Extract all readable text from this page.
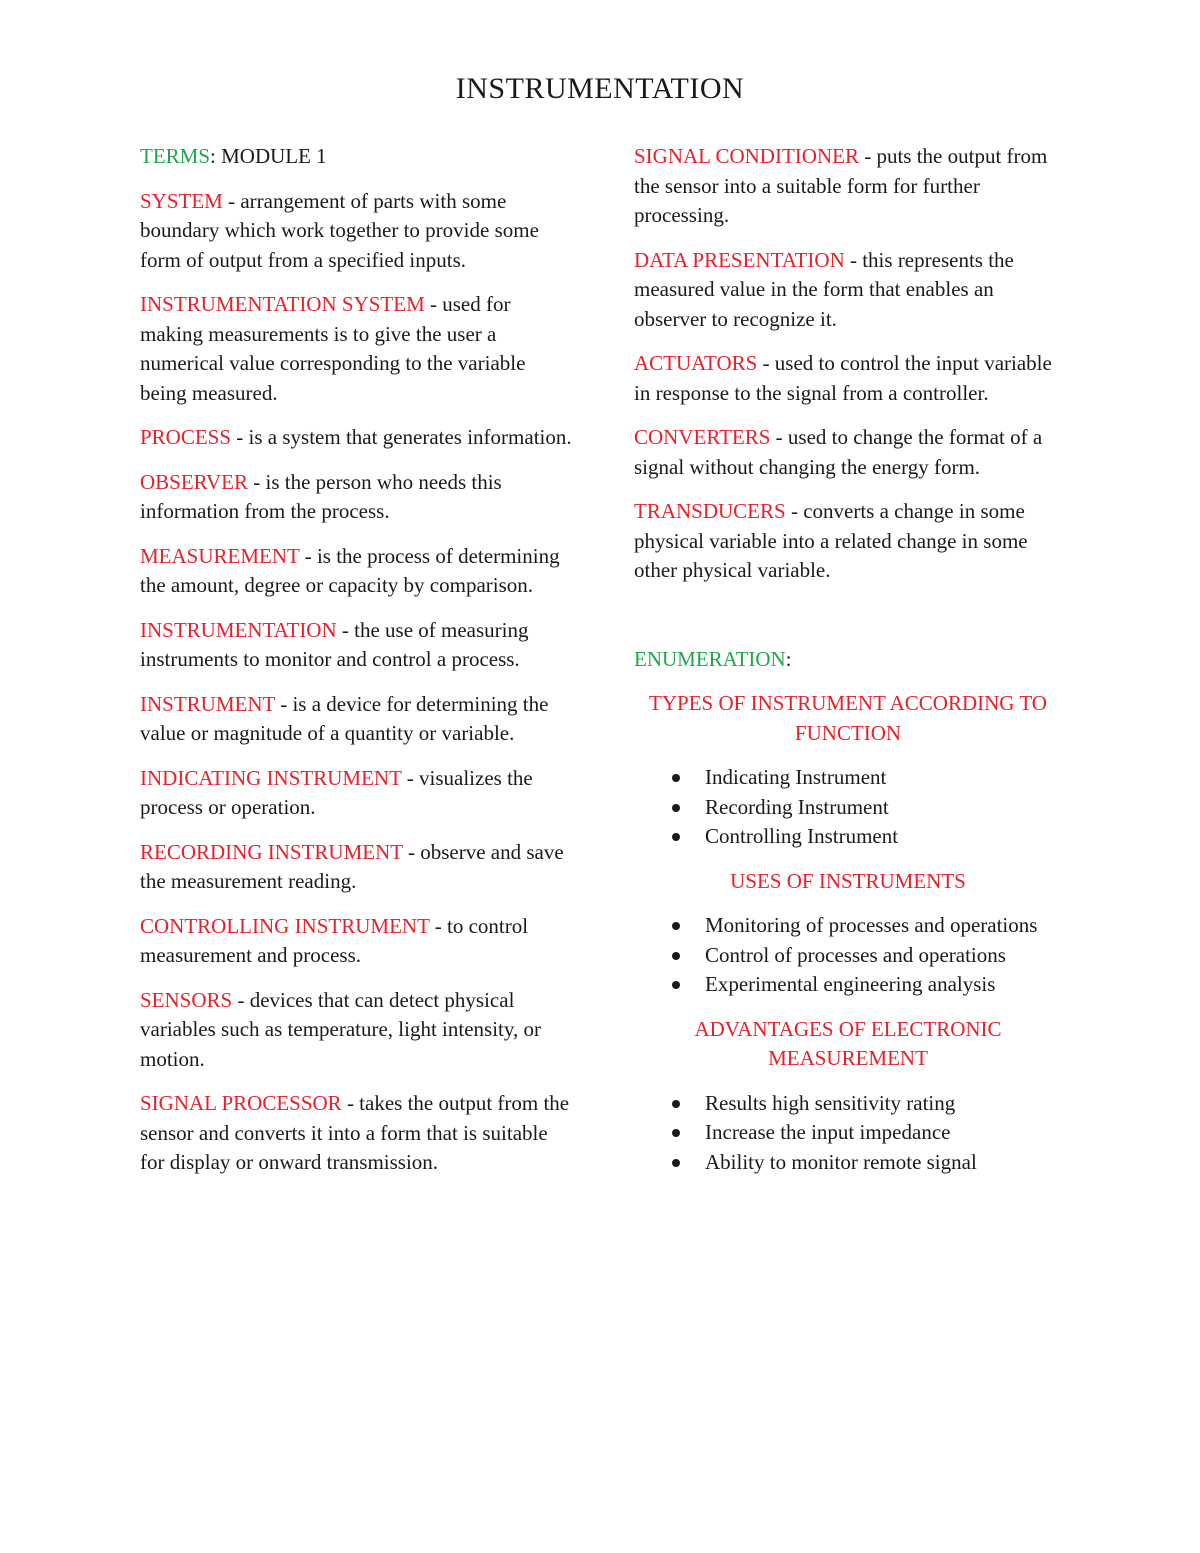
INSTRUMENTATION

TERMS: MODULE 1

SYSTEM - arrangement of parts with some boundary which work together to provide some form of output from a specified inputs.

INSTRUMENTATION SYSTEM - used for making measurements is to give the user a numerical value corresponding to the variable being measured.

PROCESS - is a system that generates information.

OBSERVER - is the person who needs this information from the process.

MEASUREMENT - is the process of determining the amount, degree or capacity by comparison.

INSTRUMENTATION - the use of measuring instruments to monitor and control a process.

INSTRUMENT - is a device for determining the value or magnitude of a quantity or variable.

INDICATING INSTRUMENT - visualizes the process or operation.

RECORDING INSTRUMENT - observe and save the measurement reading.

CONTROLLING INSTRUMENT - to control measurement and process.

SENSORS - devices that can detect physical variables such as temperature, light intensity, or motion.

SIGNAL PROCESSOR - takes the output from the sensor and converts it into a form that is suitable for display or onward transmission.

SIGNAL CONDITIONER - puts the output from the sensor into a suitable form for further processing.

DATA PRESENTATION - this represents the measured value in the form that enables an observer to recognize it.

ACTUATORS - used to control the input variable in response to the signal from a controller.

CONVERTERS - used to change the format of a signal without changing the energy form.

TRANSDUCERS - converts a change in some physical variable into a related change in some other physical variable.

ENUMERATION:

TYPES OF INSTRUMENT ACCORDING TO FUNCTION

Indicating Instrument
Recording Instrument
Controlling Instrument

USES OF INSTRUMENTS

Monitoring of processes and operations
Control of processes and operations
Experimental engineering analysis

ADVANTAGES OF ELECTRONIC MEASUREMENT

Results high sensitivity rating
Increase the input impedance
Ability to monitor remote signal
